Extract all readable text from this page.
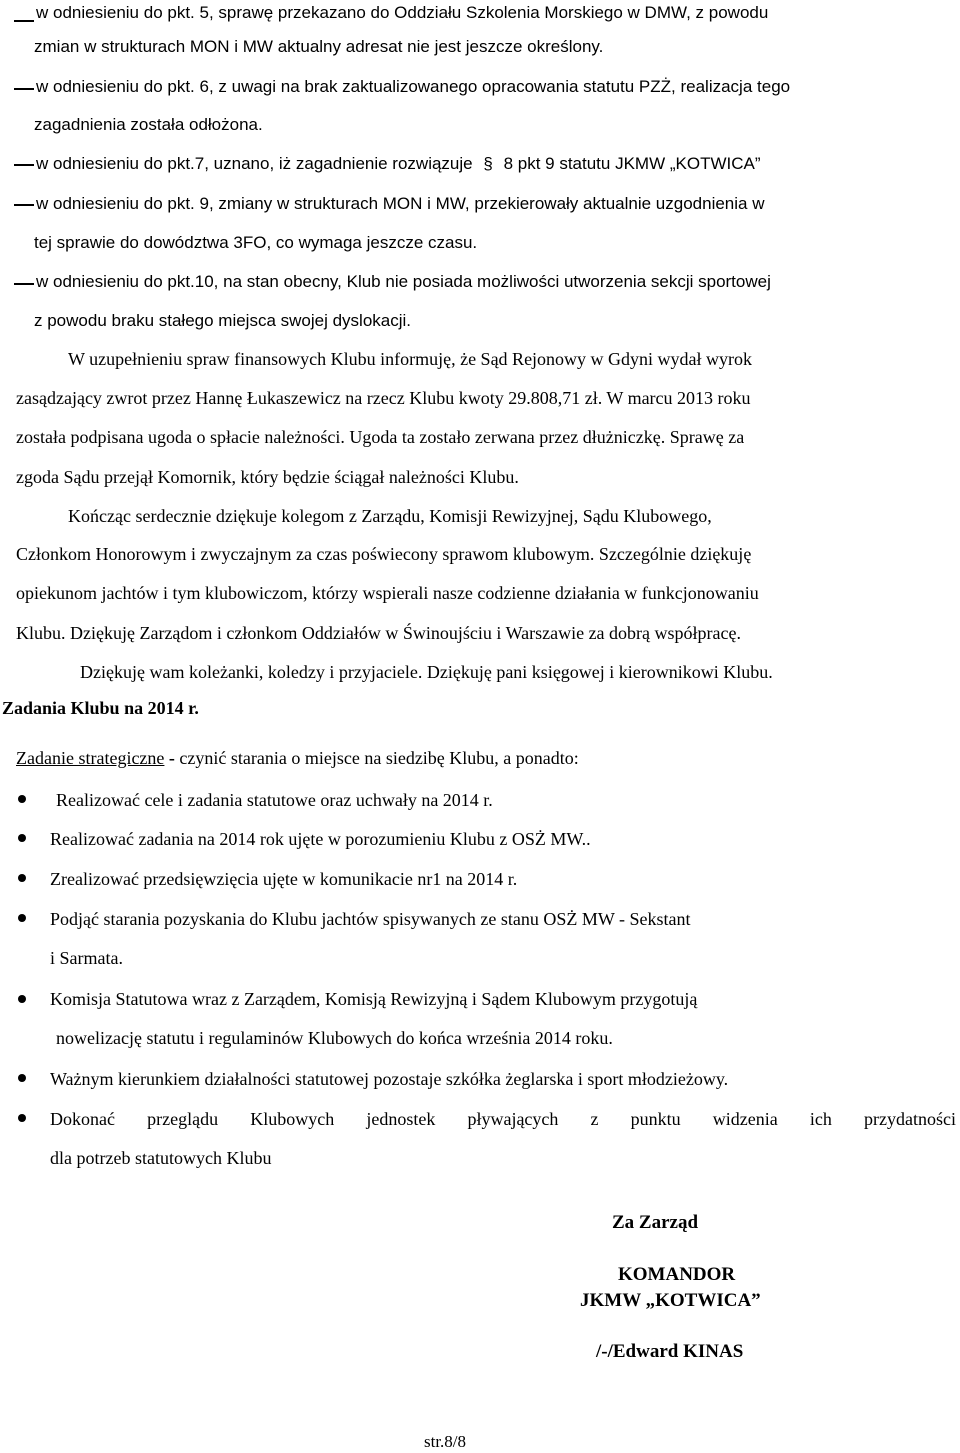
w odniesieniu do pkt. 5, sprawę przekazano do Oddziału Szkolenia Morskiego w DMW, z powodu
zmian w strukturach MON i MW aktualny adresat nie jest jeszcze określony.
w odniesieniu do pkt. 6, z uwagi na brak zaktualizowanego opracowania statutu PZŻ, realizacja tego
zagadnienia została odłożona.
w odniesieniu do pkt.7, uznano, iż zagadnienie rozwiązuje § 8 pkt 9 statutu JKMW „KOTWICA”
w odniesieniu do pkt. 9, zmiany w strukturach MON i MW, przekierowały aktualnie uzgodnienia w
tej sprawie do dowództwa 3FO, co wymaga jeszcze czasu.
w odniesieniu do pkt.10, na stan obecny, Klub nie posiada możliwości utworzenia sekcji sportowej
z powodu braku stałego miejsca swojej dyslokacji.
W uzupełnieniu spraw finansowych Klubu informuję, że Sąd Rejonowy w Gdyni wydał wyrok
zasądzający zwrot przez Hannę Łukaszewicz na rzecz Klubu kwoty 29.808,71 zł. W marcu 2013 roku
została podpisana ugoda o spłacie należności. Ugoda ta zostało zerwana przez dłużniczkę. Sprawę za
zgoda Sądu przejął Komornik, który będzie ściągał należności Klubu.
Kończąc serdecznie dziękuje kolegom z Zarządu, Komisji Rewizyjnej, Sądu Klubowego,
Członkom Honorowym i zwyczajnym za czas poświecony sprawom klubowym. Szczególnie dziękuję
opiekunom jachtów i tym klubowiczom, którzy wspierali nasze codzienne działania w funkcjonowaniu
Klubu. Dziękuję Zarządom i członkom Oddziałów w Świnoujściu i Warszawie za dobrą współpracę.
Dziękuję wam koleżanki, koledzy i przyjaciele. Dziękuję pani księgowej i kierownikowi Klubu.
Zadania Klubu na 2014 r.
Zadanie strategiczne - czynić starania o miejsce na siedzibę Klubu, a ponadto:
Realizować cele i zadania statutowe oraz uchwały na 2014 r.
Realizować zadania na 2014 rok ujęte w porozumieniu Klubu z OSŻ MW..
Zrealizować przedsięwzięcia ujęte w komunikacie nr1 na 2014 r.
Podjąć starania pozyskania do Klubu jachtów spisywanych ze stanu OSŻ MW - Sekstant
i Sarmata.
Komisja Statutowa wraz z Zarządem, Komisją Rewizyjną i Sądem Klubowym przygotują
nowelizację statutu i regulaminów Klubowych do końca września 2014 roku.
Ważnym kierunkiem działalności statutowej pozostaje szkółka żeglarska i sport młodzieżowy.
Dokonać przeglądu Klubowych jednostek pływających z punktu widzenia ich przydatności
dla potrzeb statutowych Klubu
Za Zarząd
KOMANDOR
JKMW „KOTWICA”
/-/Edward KINAS
str.8/8
